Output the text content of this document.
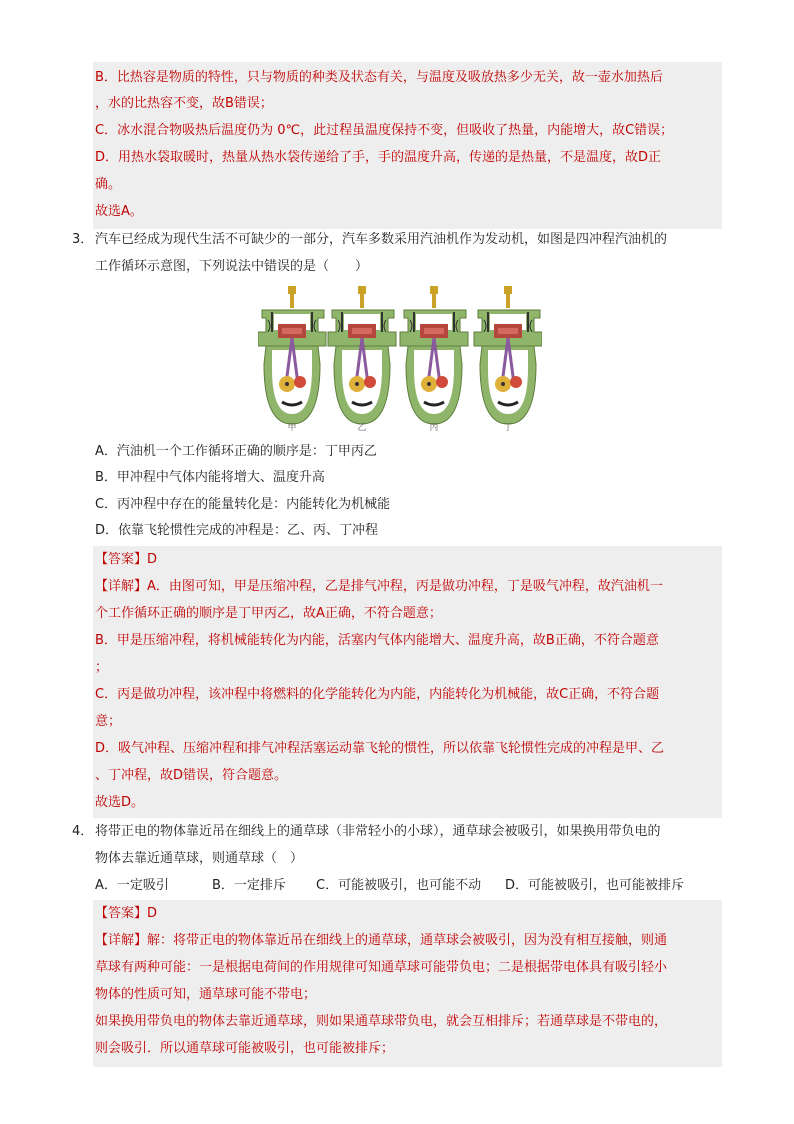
B．比热容是物质的特性，只与物质的种类及状态有关，与温度及吸放热多少无关，故一壶水加热后
，水的比热容不变，故B错误；
C．冰水混合物吸热后温度仍为 0℃，此过程虽温度保持不变，但吸收了热量，内能增大，故C错误；
D．用热水袋取暖时，热量从热水袋传递给了手，手的温度升高，传递的是热量，不是温度，故D正
确。
故选A。
3． 汽车已经成为现代生活不可缺少的一部分，汽车多数采用汽油机作为发动机，如图是四冲程汽油机的
工作循环示意图，下列说法中错误的是（　　）
甲	乙	丙	丁
A．汽油机一个工作循环正确的顺序是：丁甲丙乙
B．甲冲程中气体内能将增大、温度升高
C．丙冲程中存在的能量转化是：内能转化为机械能
D．依靠飞轮惯性完成的冲程是：乙、丙、丁冲程
【答案】D
【详解】A．由图可知，甲是压缩冲程，乙是排气冲程，丙是做功冲程，丁是吸气冲程，故汽油机一
个工作循环正确的顺序是丁甲丙乙，故A正确，不符合题意；
B．甲是压缩冲程，将机械能转化为内能，活塞内气体内能增大、温度升高，故B正确，不符合题意
；
C．丙是做功冲程，该冲程中将燃料的化学能转化为内能，内能转化为机械能，故C正确，不符合题
意；
D．吸气冲程、压缩冲程和排气冲程活塞运动靠飞轮的惯性，所以依靠飞轮惯性完成的冲程是甲、乙
、丁冲程，故D错误，符合题意。
故选D。
4． 将带正电的物体靠近吊在细线上的通草球（非常轻小的小球），通草球会被吸引，如果换用带负电的
物体去靠近通草球，则通草球（　）
A．一定吸引	B．一定排斥 C．可能被吸引，也可能不动 D．可能被吸引，也可能被排斥
【答案】D
【详解】解：将带正电的物体靠近吊在细线上的通草球，通草球会被吸引，因为没有相互接触，则通
草球有两种可能：一是根据电荷间的作用规律可知通草球可能带负电；二是根据带电体具有吸引轻小
物体的性质可知，通草球可能不带电；
如果换用带负电的物体去靠近通草球，则如果通草球带负电，就会互相排斥；若通草球是不带电的，
则会吸引．所以通草球可能被吸引，也可能被排斥；
